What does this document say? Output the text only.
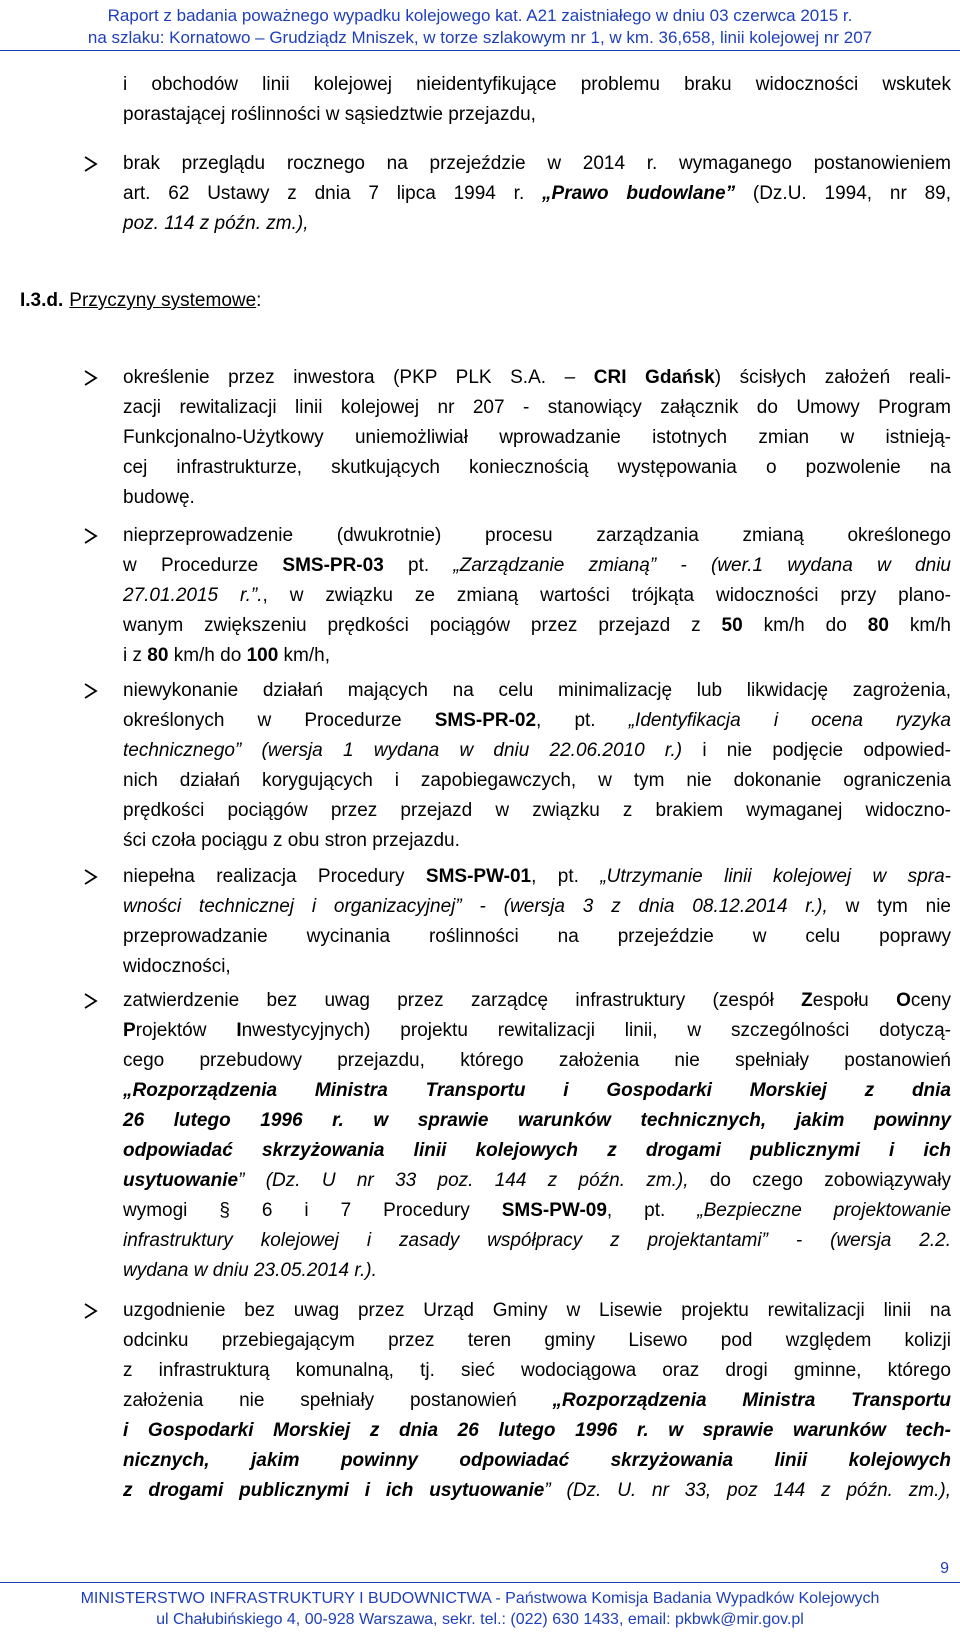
Raport z badania poważnego wypadku kolejowego kat. A21 zaistniałego w dniu 03 czerwca 2015 r.
na szlaku: Kornatowo – Grudziądz Mniszek, w torze szlakowym nr 1, w km. 36,658, linii kolejowej nr 207
i obchodów linii kolejowej nieidentyfikujące problemu braku widoczności wskutek
porastającej roślinności w sąsiedztwie przejazdu,
brak przeglądu rocznego na przejeździe w 2014 r. wymaganego postanowieniem
art. 62 Ustawy z dnia 7 lipca 1994 r. „Prawo budowlane” (Dz.U. 1994, nr 89,
poz. 114 z późn. zm.),
I.3.d. Przyczyny systemowe:
określenie przez inwestora (PKP PLK S.A. – CRI Gdańsk) ścisłych założeń reali-
zacji rewitalizacji linii kolejowej nr 207 - stanowiący załącznik do Umowy Program
Funkcjonalno-Użytkowy uniemożliwiał wprowadzanie istotnych zmian w istnieją-
cej infrastrukturze, skutkujących koniecznością występowania o pozwolenie na
budowę.
nieprzeprowadzenie (dwukrotnie) procesu zarządzania zmianą określonego
w Procedurze SMS-PR-03 pt. „Zarządzanie zmianą” - (wer.1 wydana w dniu
27.01.2015 r.”., w związku ze zmianą wartości trójkąta widoczności przy plano-
wanym zwiększeniu prędkości pociągów przez przejazd z 50 km/h do 80 km/h
i z 80 km/h do 100 km/h,
niewykonanie działań mających na celu minimalizację lub likwidację zagrożenia,
określonych w Procedurze SMS-PR-02, pt. „Identyfikacja i ocena ryzyka
technicznego” (wersja 1 wydana w dniu 22.06.2010 r.) i nie podjęcie odpowied-
nich działań korygujących i zapobiegawczych, w tym nie dokonanie ograniczenia
prędkości pociągów przez przejazd w związku z brakiem wymaganej widoczno-
ści czoła pociągu z obu stron przejazdu.
niepełna realizacja Procedury SMS-PW-01, pt. „Utrzymanie linii kolejowej w spra-
wności technicznej i organizacyjnej” - (wersja 3 z dnia 08.12.2014 r.), w tym nie
przeprowadzanie wycinania roślinności na przejeździe w celu poprawy
widoczności,
zatwierdzenie bez uwag przez zarządcę infrastruktury (zespół Zespołu Oceny
Projektów Inwestycyjnych) projektu rewitalizacji linii, w szczególności dotyczą-
cego przebudowy przejazdu, którego założenia nie spełniały postanowień
„Rozporządzenia Ministra Transportu i Gospodarki Morskiej z dnia
26 lutego 1996 r. w sprawie warunków technicznych, jakim powinny
odpowiadać skrzyżowania linii kolejowych z drogami publicznymi i ich
usytuowanie” (Dz. U nr 33 poz. 144 z późn. zm.), do czego zobowiązywały
wymogi § 6 i 7 Procedury SMS-PW-09, pt. „Bezpieczne projektowanie
infrastruktury kolejowej i zasady współpracy z projektantami” - (wersja 2.2.
wydana w dniu 23.05.2014 r.).
uzgodnienie bez uwag przez Urząd Gminy w Lisewie projektu rewitalizacji linii na
odcinku przebiegającym przez teren gminy Lisewo pod względem kolizji
z infrastrukturą komunalną, tj. sieć wodociągowa oraz drogi gminne, którego
założenia nie spełniały postanowień „Rozporządzenia Ministra Transportu
i Gospodarki Morskiej z dnia 26 lutego 1996 r. w sprawie warunków tech-
nicznych, jakim powinny odpowiadać skrzyżowania linii kolejowych
z drogami publicznymi i ich usytuowanie” (Dz. U. nr 33, poz 144 z późn. zm.),
9
MINISTERSTWO INFRASTRUKTURY I BUDOWNICTWA - Państwowa Komisja Badania Wypadków Kolejowych
ul Chałubińskiego 4, 00-928 Warszawa, sekr. tel.: (022) 630 1433, email: pkbwk@mir.gov.pl
